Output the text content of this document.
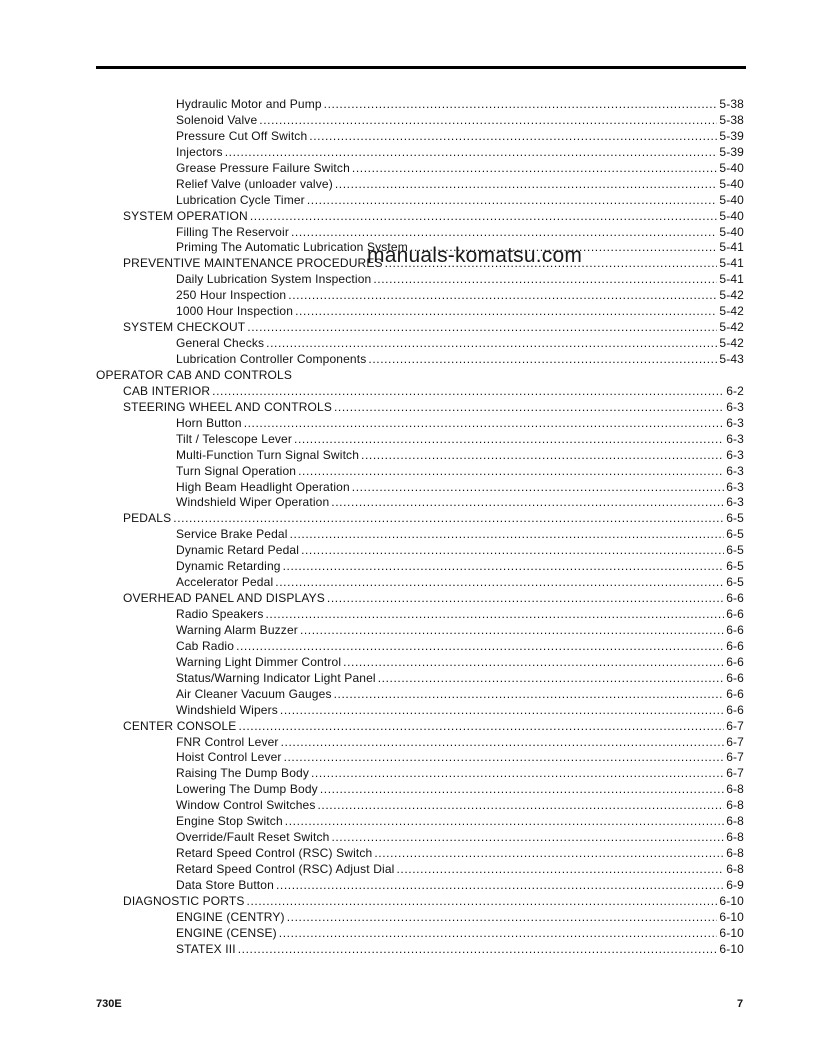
Hydraulic Motor and Pump .....	5-38
Solenoid Valve .....	5-38
Pressure Cut Off Switch .....	5-39
Injectors .....	5-39
Grease Pressure Failure Switch .....	5-40
Relief Valve (unloader valve) .....	5-40
Lubrication Cycle Timer .....	5-40
SYSTEM OPERATION .....	5-40
Filling The Reservoir .....	5-40
Priming The Automatic Lubrication System .....	5-41
PREVENTIVE MAINTENANCE PROCEDURES .....	5-41
Daily Lubrication System Inspection .....	5-41
250 Hour Inspection .....	5-42
1000 Hour Inspection .....	5-42
SYSTEM CHECKOUT .....	5-42
General Checks .....	5-42
Lubrication Controller Components .....	5-43
OPERATOR CAB AND CONTROLS
CAB INTERIOR .....	6-2
STEERING WHEEL AND CONTROLS .....	6-3
Horn Button .....	6-3
Tilt / Telescope Lever .....	6-3
Multi-Function Turn Signal Switch .....	6-3
Turn Signal Operation .....	6-3
High Beam Headlight Operation .....	6-3
Windshield Wiper Operation .....	6-3
PEDALS .....	6-5
Service Brake Pedal .....	6-5
Dynamic Retard Pedal .....	6-5
Dynamic Retarding .....	6-5
Accelerator Pedal .....	6-5
OVERHEAD PANEL AND DISPLAYS .....	6-6
Radio Speakers .....	6-6
Warning Alarm Buzzer .....	6-6
Cab Radio .....	6-6
Warning Light Dimmer Control .....	6-6
Status/Warning Indicator Light Panel .....	6-6
Air Cleaner Vacuum Gauges .....	6-6
Windshield Wipers .....	6-6
CENTER CONSOLE .....	6-7
FNR Control Lever .....	6-7
Hoist Control Lever .....	6-7
Raising The Dump Body .....	6-7
Lowering The Dump Body .....	6-8
Window Control Switches .....	6-8
Engine Stop Switch .....	6-8
Override/Fault Reset Switch .....	6-8
Retard Speed Control (RSC) Switch .....	6-8
Retard Speed Control (RSC) Adjust Dial .....	6-8
Data Store Button .....	6-9
DIAGNOSTIC PORTS .....	6-10
ENGINE (CENTRY) .....	6-10
ENGINE (CENSE) .....	6-10
STATEX III .....	6-10
manuals-komatsu.com
730E	7
